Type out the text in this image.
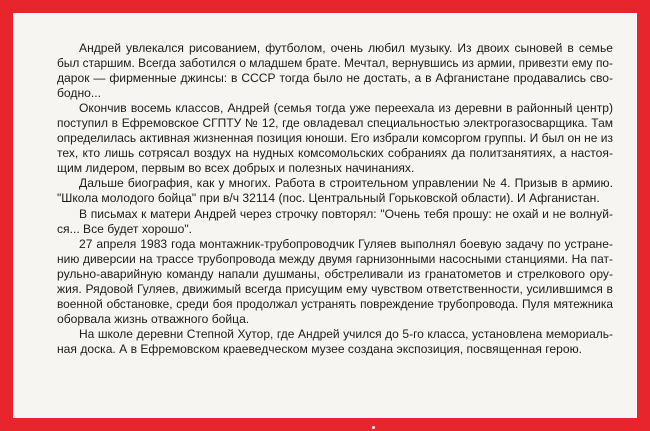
Андрей увлекался рисованием, футболом, очень любил музыку. Из двоих сыновей в семье
был старшим. Всегда заботился о младшем брате. Мечтал, вернувшись из армии, привезти ему по-
дарок — фирменные джинсы: в СССР тогда было не достать, а в Афганистане продавались сво-
бодно...
Окончив восемь классов, Андрей (семья тогда уже переехала из деревни в районный центр)
поступил в Ефремовское СГПТУ № 12, где овладевал специальностью электрогазосварщика. Там
определилась активная жизненная позиция юноши. Его избрали комсоргом группы. И был он не из
тех, кто лишь сотрясал воздух на нудных комсомольских собраниях да политзанятиях, а настоя-
щим лидером, первым во всех добрых и полезных начинаниях.
Дальше биография, как у многих. Работа в строительном управлении № 4. Призыв в армию.
"Школа молодого бойца" при в/ч 32114 (пос. Центральный Горьковской области). И Афганистан.
В письмах к матери Андрей через строчку повторял: "Очень тебя прошу: не охай и не волнуй-
ся... Все будет хорошо".
27 апреля 1983 года монтажник-трубопроводчик Гуляев выполнял боевую задачу по устране-
нию диверсии на трассе трубопровода между двумя гарнизонными насосными станциями. На пат-
рульно-аварийную команду напали душманы, обстреливали из гранатометов и стрелкового ору-
жия. Рядовой Гуляев, движимый всегда присущим ему чувством ответственности, усилившимся в
военной обстановке, среди боя продолжал устранять повреждение трубопровода. Пуля мятежника
оборвала жизнь отважного бойца.
На школе деревни Степной Хутор, где Андрей учился до 5-го класса, установлена мемориаль-
ная доска. А в Ефремовском краеведческом музее создана экспозиция, посвященная герою.
